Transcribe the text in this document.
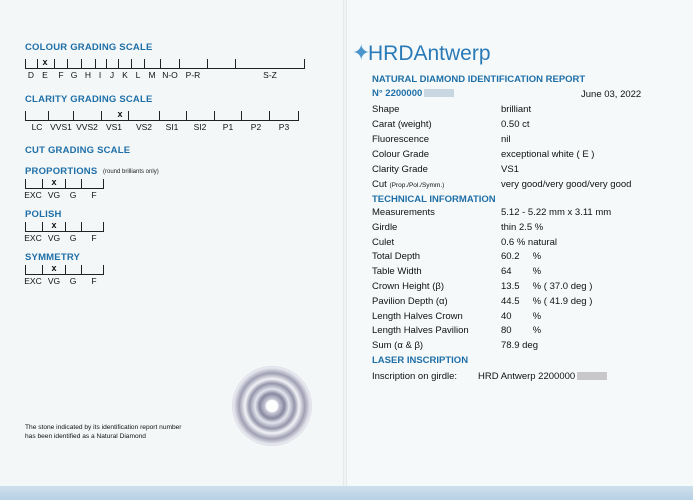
COLOUR GRADING SCALE
D E F G H I J K L M N-O P-R	S-Z
x
CLARITY GRADING SCALE
LC VVS1 VVS2 VS1 VS2 SI1 SI2 P1 P2 P3
x
CUT GRADING SCALE
PROPORTIONS (round brilliants only)
EXC VG G F
x
POLISH
EXC VG G F
x
SYMMETRY
EXC VG G F
x
The stone indicated by its identification report number
has been identified as a Natural Diamond
✦
HRDAntwerp
NATURAL DIAMOND IDENTIFICATION REPORT
N° 2200000	June 03, 2022
Shape	brilliant
Carat (weight)	0.50 ct
Fluorescence	nil
Colour Grade	exceptional white ( E )
Clarity Grade	VS1
Cut (Prop./Pol./Symm.)	very good/very good/very good
TECHNICAL INFORMATION
Measurements	5.12 - 5.22 mm x 3.11 mm
Girdle	thin 2.5 %
Culet	0.6 % natural
Total Depth	60.2     %
Table Width	64        %
Crown Height (β)	13.5     % ( 37.0 deg )
Pavilion Depth (α)	44.5     % ( 41.9 deg )
Length Halves Crown	40        %
Length Halves Pavilion	80        %
Sum (α & β)	78.9 deg
LASER INSCRIPTION
Inscription on girdle: HRD Antwerp 2200000
